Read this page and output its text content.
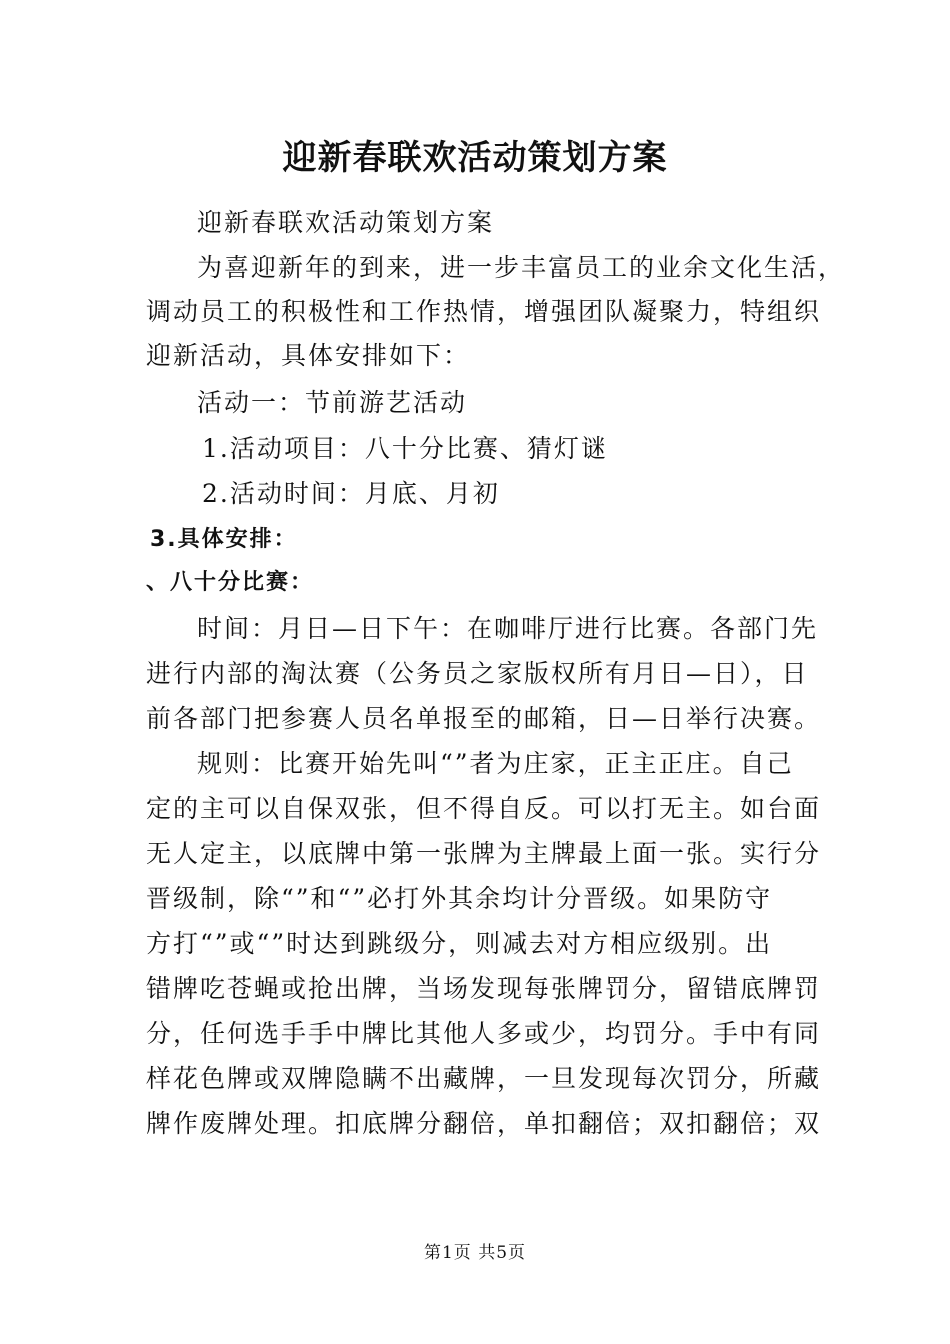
迎新春联欢活动策划方案
迎新春联欢活动策划方案
为喜迎新年的到来，进一步丰富员工的业余文化生活，
调动员工的积极性和工作热情，增强团队凝聚力，特组织
迎新活动，具体安排如下：
活动一：节前游艺活动
1.活动项目：八十分比赛、猜灯谜
2.活动时间：月底、月初
3.具体安排：
、八十分比赛：
时间：月日—日下午：在咖啡厅进行比赛。各部门先
进行内部的淘汰赛（公务员之家版权所有月日—日），日
前各部门把参赛人员名单报至的邮箱，日—日举行决赛。
规则：比赛开始先叫“”者为庄家，正主正庄。自己
定的主可以自保双张，但不得自反。可以打无主。如台面
无人定主，以底牌中第一张牌为主牌最上面一张。实行分
晋级制，除“”和“”必打外其余均计分晋级。如果防守
方打“”或“”时达到跳级分，则减去对方相应级别。出
错牌吃苍蝇或抢出牌，当场发现每张牌罚分，留错底牌罚
分，任何选手手中牌比其他人多或少，均罚分。手中有同
样花色牌或双牌隐瞒不出藏牌，一旦发现每次罚分，所藏
牌作废牌处理。扣底牌分翻倍，单扣翻倍；双扣翻倍；双
第1页 共5页
